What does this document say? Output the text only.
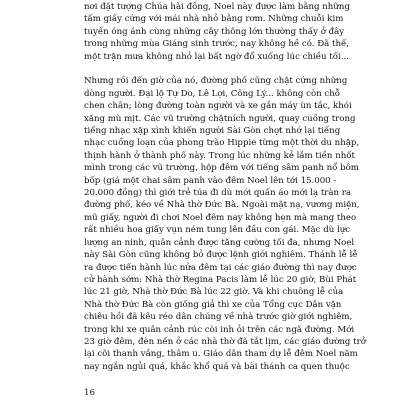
nơi đặt tượng Chúa hài đồng, Noel này được làm bằng những
tấm giấy cứng với mái nhà nhỏ bằng rơm. Những chuỗi kim
tuyến óng ánh cùng những cây thông lớn thường thấy ở đây
trong những mùa Giáng sinh trước, nay không hề có. Đã thế,
một trận mưa không nhỏ lại bất ngờ đổ xuống lúc chiều tối...
Nhưng rồi đến giờ của nó, đường phố cũng chật cứng những
dòng người. Đại lộ Tự Do, Lê Lợi, Công Lý... không còn chỗ
chen chân; lòng đường toàn người và xe gắn máy ùn tắc, khói
xăng mù mịt. Các vũ trường chậtních người, quay cuồng trong
tiếng nhạc xập xình khiến người Sài Gòn chợt nhớ lại tiếng
nhạc cuồng loạn của phong trào Hippie từng một thời du nhập,
thịnh hành ở thành phố này. Trong lúc những kẻ lắm tiền nhốt
mình trong các vũ trường, hộp đêm với tiếng sâm panh nổ bôm
bốp (giá một chai sâm panh vào đêm Noel lên tới 15.000 -
20.000 đồng) thì giới trẻ túa đi dù mới quấn áo mới lạ tràn ra
đường phố, kéo về Nhà thờ Đức Bà. Ngoài mặt nạ, vương miện,
mũ giấy, người đi chơi Noel đêm nay không hẹn mà mang theo
rất nhiều hoa giấy vụn ném tung lên đầu con gái. Mặc dù lực
lượng an ninh, quân cảnh được tăng cường tối đa, nhưng Noel
này Sài Gòn cũng không bỏ được lệnh giới nghiêm. Thánh lễ lễ
ra được tiến hành lúc nửa đêm tại các giáo đường thì nay được
cử hành sớm: Nhà thờ Regina Pacis làm lễ lúc 20 giờ, Bùi Phát
lúc 21 giờ, Nhà thờ Đức Bà lúc 22 giờ. Và khi chuông lễ của
Nhà thờ Đức Bà còn giống giả thì xe của Tổng cục Dân vận
chiêu hồi đã kêu réo dân chúng về nhà trước giờ giới nghiêm,
trong khi xe quân cảnh rúc còi inh ỏi trên các ngã đường. Mới
23 giờ đêm, đèn nến ở các nhà thờ đã tắt lịm, các giáo đường trở
lại cõi thanh vắng, thâm u. Giáo dân tham dự lễ đêm Noel năm
nay ngắn ngủi quá, khắc khổ quá và bài thánh ca quen thuộc
16
